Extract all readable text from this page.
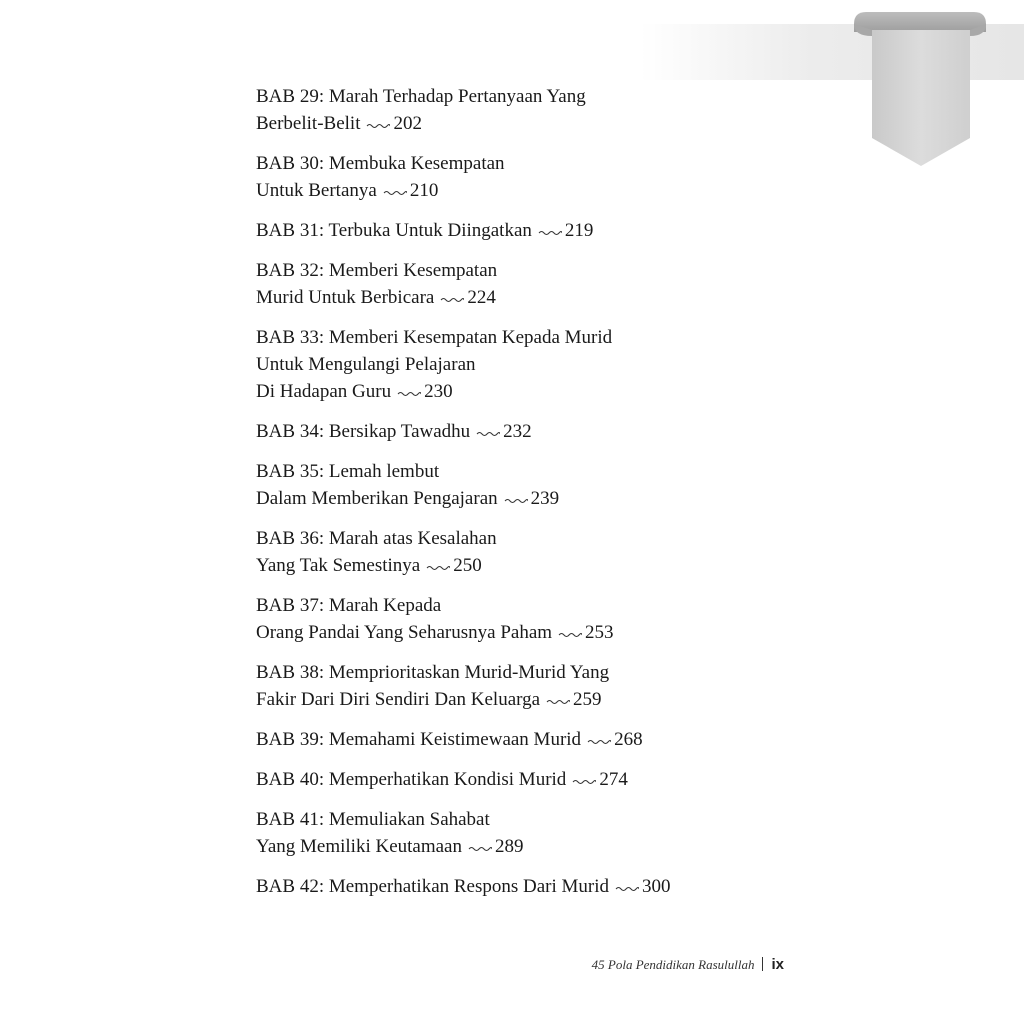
BAB 29: Marah Terhadap Pertanyaan Yang
Berbelit-Belit 202
BAB 30: Membuka Kesempatan
Untuk Bertanya 210
BAB 31: Terbuka Untuk Diingatkan 219
BAB 32: Memberi Kesempatan
Murid Untuk Berbicara 224
BAB 33: Memberi Kesempatan Kepada Murid
Untuk Mengulangi Pelajaran
Di Hadapan Guru 230
BAB 34: Bersikap Tawadhu 232
BAB 35: Lemah lembut
Dalam Memberikan Pengajaran 239
BAB 36: Marah atas Kesalahan
Yang Tak Semestinya 250
BAB 37: Marah Kepada
Orang Pandai Yang Seharusnya Paham 253
BAB 38: Memprioritaskan Murid-Murid Yang
Fakir Dari Diri Sendiri Dan Keluarga 259
BAB 39: Memahami Keistimewaan Murid 268
BAB 40: Memperhatikan Kondisi Murid 274
BAB 41: Memuliakan Sahabat
Yang Memiliki Keutamaan 289
BAB 42: Memperhatikan Respons Dari Murid 300
45 Pola Pendidikan Rasulullah ix
